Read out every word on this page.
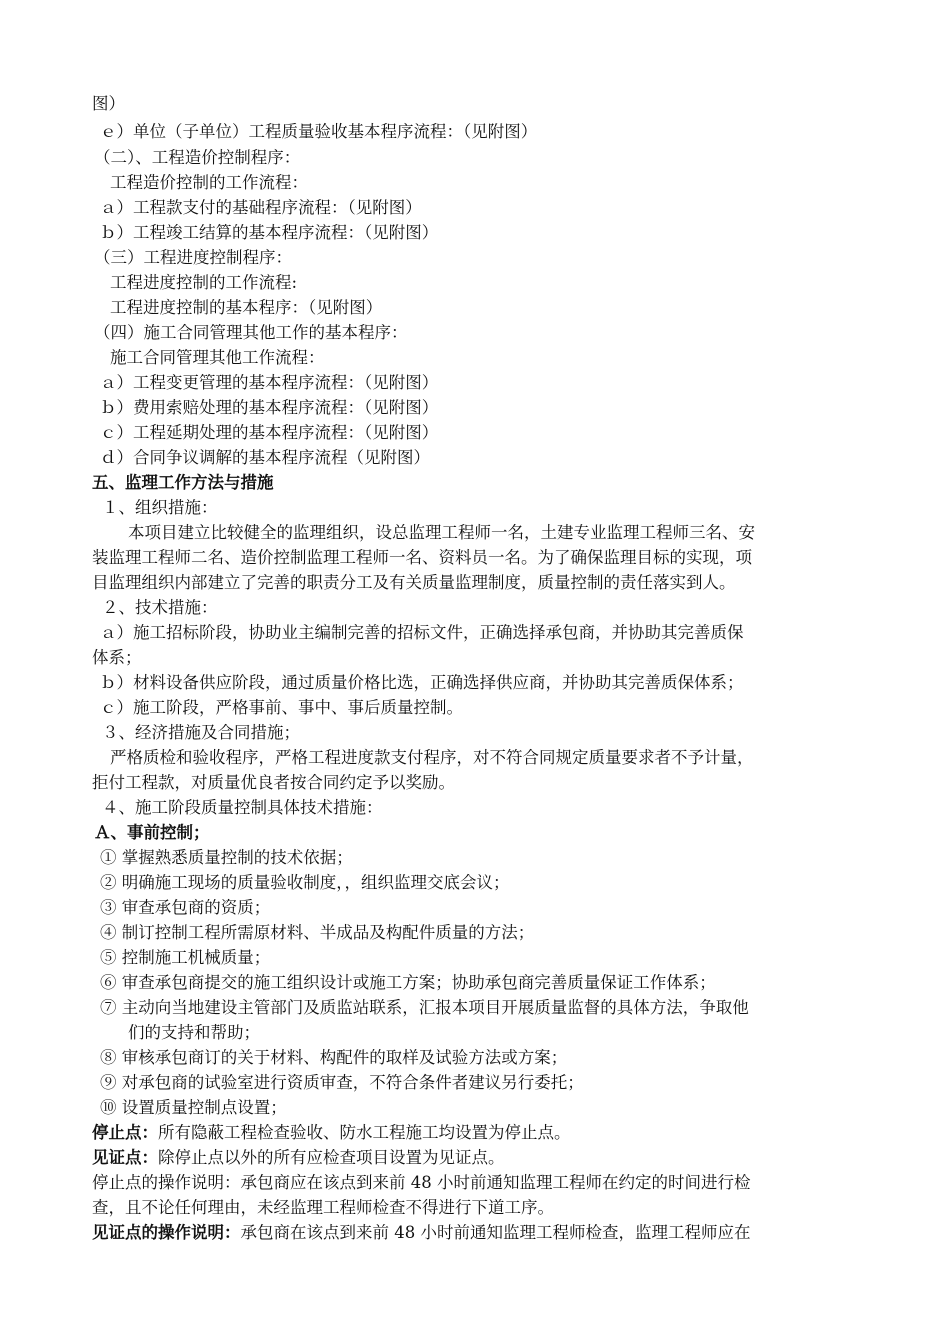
图）
ｅ）单位（子单位）工程质量验收基本程序流程：（见附图）
（二）、工程造价控制程序：
工程造价控制的工作流程：
ａ）工程款支付的基础程序流程：（见附图）
ｂ）工程竣工结算的基本程序流程：（见附图）
（三）工程进度控制程序：
工程进度控制的工作流程:
工程进度控制的基本程序：（见附图）
（四）施工合同管理其他工作的基本程序：
施工合同管理其他工作流程：
ａ）工程变更管理的基本程序流程：（见附图）
ｂ）费用索赔处理的基本程序流程：（见附图）
ｃ）工程延期处理的基本程序流程：（见附图）
ｄ）合同争议调解的基本程序流程（见附图）
五、监理工作方法与措施
１、组织措施：
本项目建立比较健全的监理组织，设总监理工程师一名，土建专业监理工程师三名、安
装监理工程师二名、造价控制监理工程师一名、资料员一名。为了确保监理目标的实现，项
目监理组织内部建立了完善的职责分工及有关质量监理制度，质量控制的责任落实到人。
２、技术措施：
ａ）施工招标阶段，协助业主编制完善的招标文件，正确选择承包商，并协助其完善质保
体系；
ｂ）材料设备供应阶段，通过质量价格比选，正确选择供应商，并协助其完善质保体系；
ｃ）施工阶段，严格事前、事中、事后质量控制。
３、经济措施及合同措施；
严格质检和验收程序，严格工程进度款支付程序，对不符合同规定质量要求者不予计量，
拒付工程款，对质量优良者按合同约定予以奖励。
４、施工阶段质量控制具体技术措施：
Ａ、事前控制；
① 掌握熟悉质量控制的技术依据；
② 明确施工现场的质量验收制度，，组织监理交底会议；
③ 审查承包商的资质；
④ 制订控制工程所需原材料、半成品及构配件质量的方法；
⑤ 控制施工机械质量；
⑥ 审查承包商提交的施工组织设计或施工方案；协助承包商完善质量保证工作体系；
⑦ 主动向当地建设主管部门及质监站联系，汇报本项目开展质量监督的具体方法，争取他
们的支持和帮助；
⑧ 审核承包商订的关于材料、构配件的取样及试验方法或方案；
⑨ 对承包商的试验室进行资质审查，不符合条件者建议另行委托；
⑩ 设置质量控制点设置；
停止点：所有隐蔽工程检查验收、防水工程施工均设置为停止点。
见证点：除停止点以外的所有应检查项目设置为见证点。
停止点的操作说明：承包商应在该点到来前 48 小时前通知监理工程师在约定的时间进行检
查，且不论任何理由，未经监理工程师检查不得进行下道工序。
见证点的操作说明：承包商在该点到来前 48 小时前通知监理工程师检查，监理工程师应在
